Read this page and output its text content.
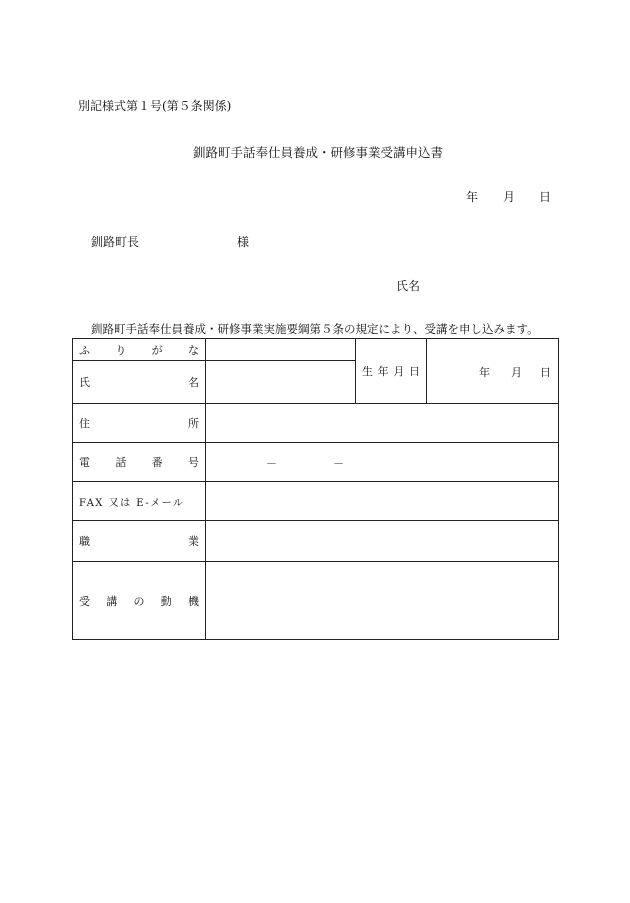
別記様式第１号(第５条関係)
釧路町手話奉仕員養成・研修事業受講申込書
年 月 日
釧路町長	様
氏名
釧路町手話奉仕員養成・研修事業実施要綱第５条の規定により、受講を申し込みます。
ふ り が な		生 年 月 日	年 月 日

氏 名			

住 所			

電 話 番 号	－ －		

FAX 又は E-メール			

職 業			

受 講 の 動 機			
